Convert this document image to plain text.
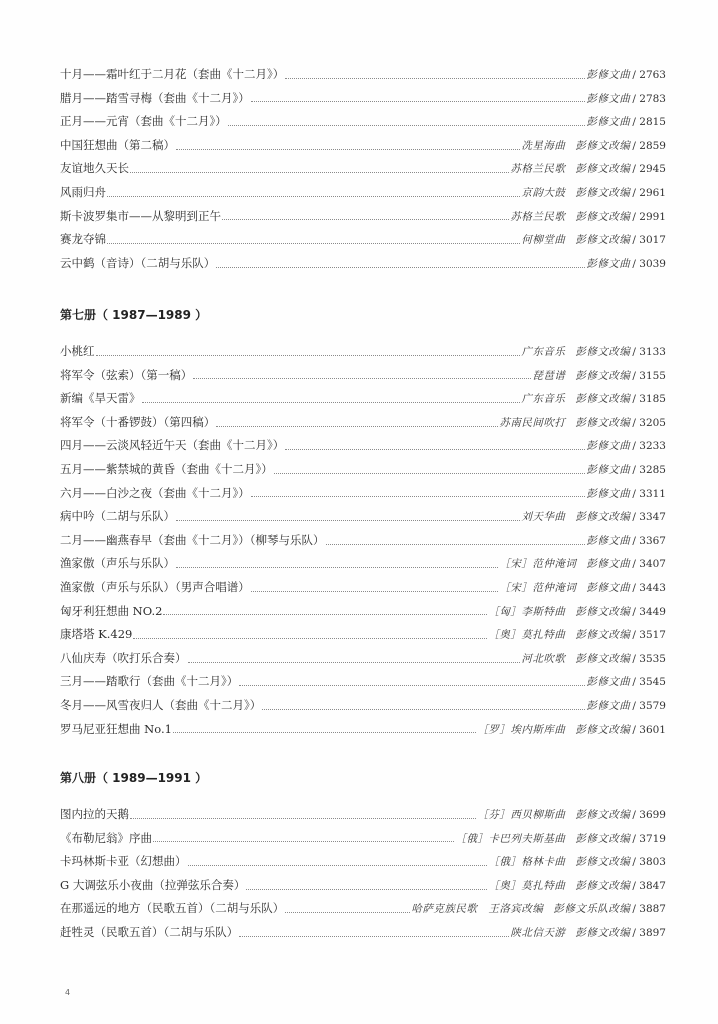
十月——霜叶红于二月花（套曲《十二月》）	彭修文曲 / 2763
腊月——踏雪寻梅（套曲《十二月》）	彭修文曲 / 2783
正月——元宵（套曲《十二月》）	彭修文曲 / 2815
中国狂想曲（第二稿）	冼星海曲 彭修文改编 / 2859
友谊地久天长	苏格兰民歌 彭修文改编 / 2945
风雨归舟	京韵大鼓 彭修文改编 / 2961
斯卡波罗集市——从黎明到正午	苏格兰民歌 彭修文改编 / 2991
赛龙夺锦	何柳堂曲 彭修文改编 / 3017
云中鹤（音诗）（二胡与乐队）	彭修文曲 / 3039
第七册（ 1987—1989 ）
小桃红	广东音乐 彭修文改编 / 3133
将军令（弦索）（第一稿）	琵琶谱 彭修文改编 / 3155
新编《旱天雷》	广东音乐 彭修文改编 / 3185
将军令（十番锣鼓）（第四稿）	苏南民间吹打 彭修文改编 / 3205
四月——云淡风轻近午天（套曲《十二月》）	彭修文曲 / 3233
五月——紫禁城的黄昏（套曲《十二月》）	彭修文曲 / 3285
六月——白沙之夜（套曲《十二月》）	彭修文曲 / 3311
病中吟（二胡与乐队）	刘天华曲 彭修文改编 / 3347
二月——幽燕春早（套曲《十二月》）（柳琴与乐队）	彭修文曲 / 3367
渔家傲（声乐与乐队）	［宋］范仲淹词 彭修文曲 / 3407
渔家傲（声乐与乐队）（男声合唱谱）	［宋］范仲淹词 彭修文曲 / 3443
匈牙利狂想曲 NO.2	［匈］李斯特曲 彭修文改编 / 3449
康塔塔 K.429	［奥］莫扎特曲 彭修文改编 / 3517
八仙庆寿（吹打乐合奏）	河北吹歌 彭修文改编 / 3535
三月——踏歌行（套曲《十二月》）	彭修文曲 / 3545
冬月——风雪夜归人（套曲《十二月》）	彭修文曲 / 3579
罗马尼亚狂想曲 No.1	［罗］埃内斯库曲 彭修文改编 / 3601
第八册（ 1989—1991 ）
图内拉的天鹅	［芬］西贝柳斯曲 彭修文改编 / 3699
《布勒尼翁》序曲	［俄］卡巴列夫斯基曲 彭修文改编 / 3719
卡玛林斯卡亚（幻想曲）	［俄］格林卡曲 彭修文改编 / 3803
G 大调弦乐小夜曲（拉弹弦乐合奏）	［奥］莫扎特曲 彭修文改编 / 3847
在那遥远的地方（民歌五首）（二胡与乐队）	哈萨克族民歌　王洛宾改编 彭修文乐队改编 / 3887
赶牲灵（民歌五首）（二胡与乐队）	陕北信天游 彭修文改编 / 3897
4
